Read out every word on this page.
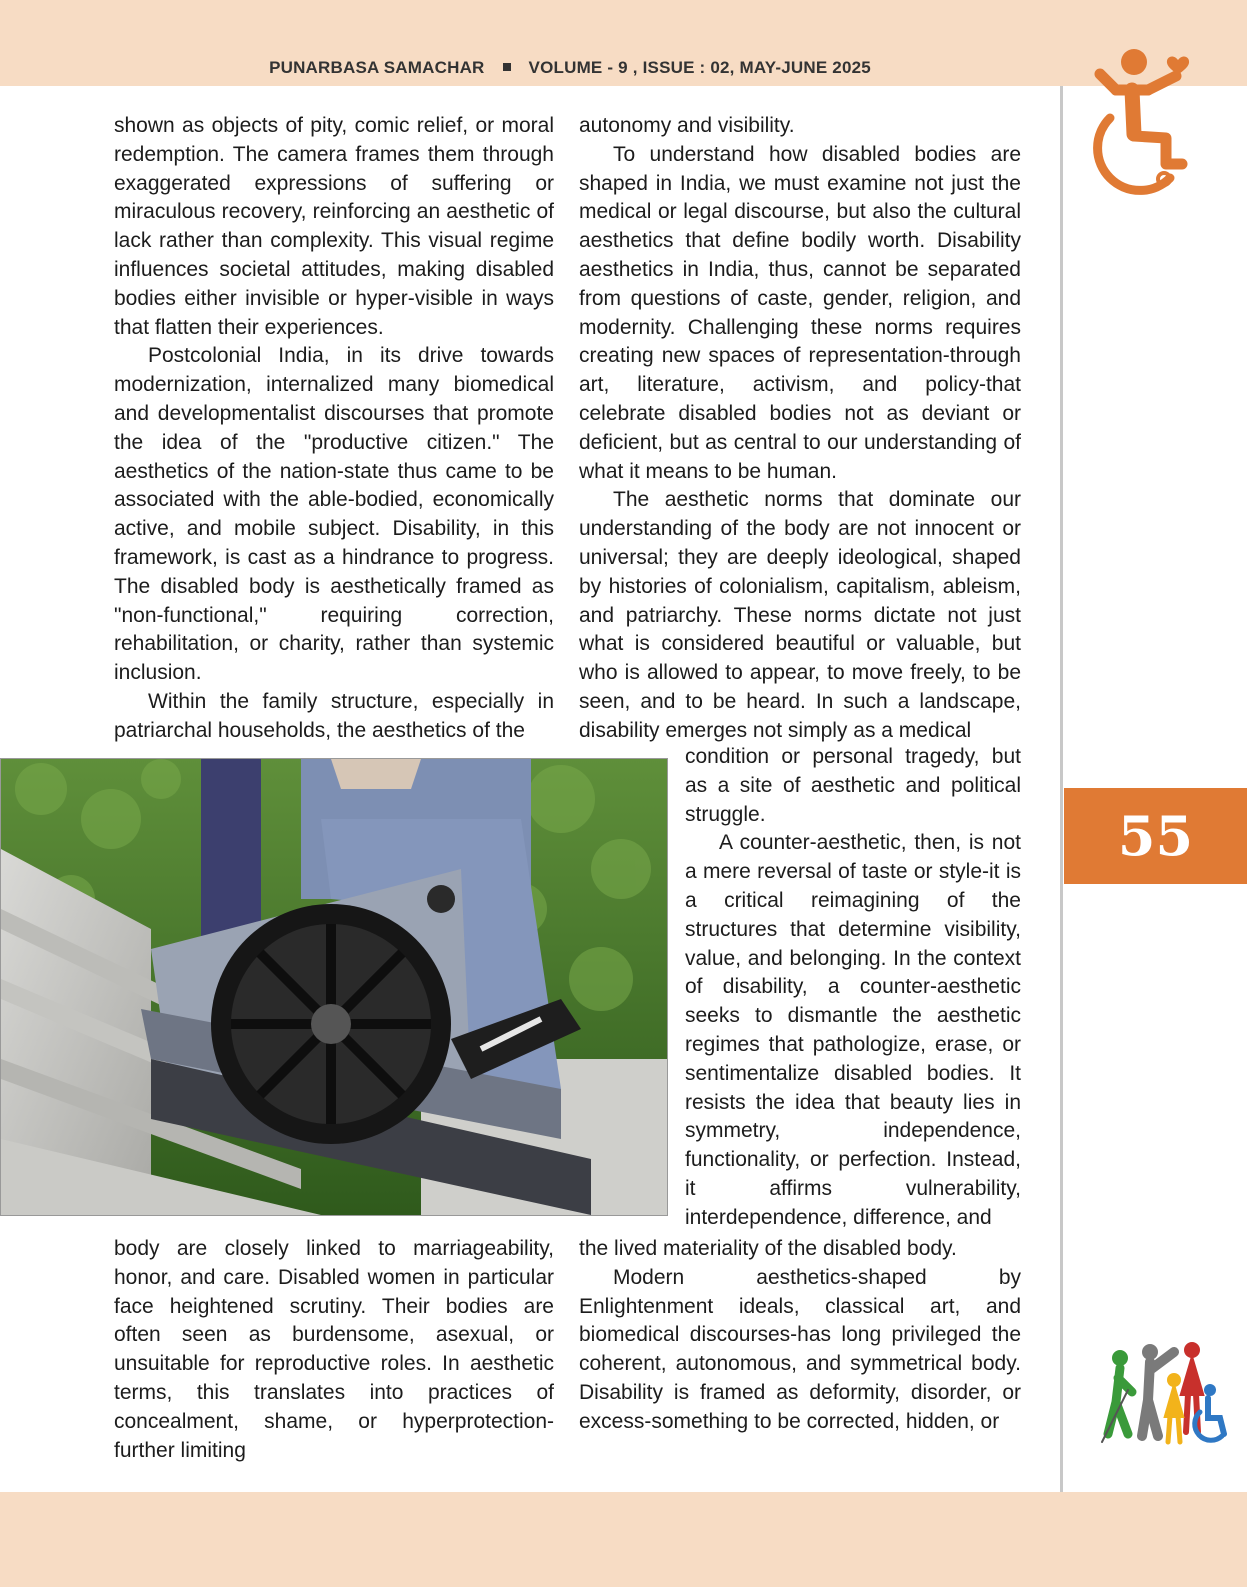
PUNARBASA SAMACHAR	VOLUME - 9 , ISSUE : 02, MAY-JUNE 2025
55

shown as objects of pity, comic relief, or moral redemption. The camera frames them through exaggerated expressions of suffering or miraculous recovery, reinforcing an aesthetic of lack rather than complexity. This visual regime influences societal attitudes, making disabled bodies either invisible or hyper-visible in ways that flatten their experiences.

Postcolonial India, in its drive towards modernization, internalized many biomedical and developmentalist discourses that promote the idea of the "productive citizen." The aesthetics of the nation-state thus came to be associated with the able-bodied, economically active, and mobile subject. Disability, in this framework, is cast as a hindrance to progress. The disabled body is aesthetically framed as "non-functional," requiring correction, rehabilitation, or charity, rather than systemic inclusion.

Within the family structure, especially in patriarchal households, the aesthetics of the

body are closely linked to marriageability, honor, and care. Disabled women in particular face heightened scrutiny. Their bodies are often seen as burdensome, asexual, or unsuitable for reproductive roles. In aesthetic terms, this translates into practices of concealment, shame, or hyperprotection-further limiting

autonomy and visibility.

To understand how disabled bodies are shaped in India, we must examine not just the medical or legal discourse, but also the cultural aesthetics that define bodily worth. Disability aesthetics in India, thus, cannot be separated from questions of caste, gender, religion, and modernity. Challenging these norms requires creating new spaces of representation-through art, literature, activism, and policy-that celebrate disabled bodies not as deviant or deficient, but as central to our understanding of what it means to be human.

The aesthetic norms that dominate our understanding of the body are not innocent or universal; they are deeply ideological, shaped by histories of colonialism, capitalism, ableism, and patriarchy. These norms dictate not just what is considered beautiful or valuable, but who is allowed to appear, to move freely, to be seen, and to be heard. In such a landscape, disability emerges not simply as a medical

condition or personal tragedy, but as a site of aesthetic and political struggle.

A counter-aesthetic, then, is not a mere reversal of taste or style-it is a critical reimagining of the structures that determine visibility, value, and belonging. In the context of disability, a counter-aesthetic seeks to dismantle the aesthetic regimes that pathologize, erase, or sentimentalize disabled bodies. It resists the idea that beauty lies in symmetry, independence, functionality, or perfection. Instead, it affirms vulnerability, interdependence, difference, and

the lived materiality of the disabled body.

Modern aesthetics-shaped by Enlightenment ideals, classical art, and biomedical discourses-has long privileged the coherent, autonomous, and symmetrical body. Disability is framed as deformity, disorder, or excess-something to be corrected, hidden, or
